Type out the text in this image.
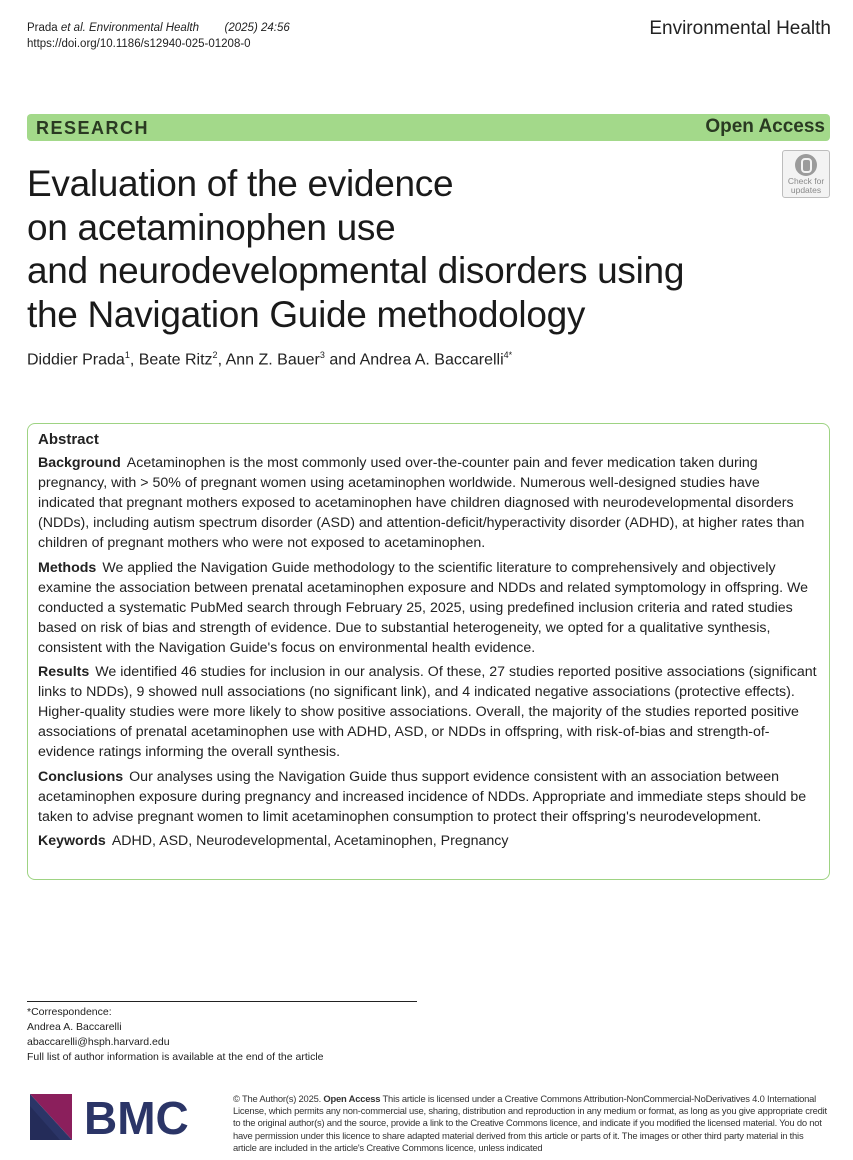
Prada et al. Environmental Health (2025) 24:56
https://doi.org/10.1186/s12940-025-01208-0
Environmental Health
RESEARCH	Open Access
Check for
updates
Evaluation of the evidence
on acetaminophen use
and neurodevelopmental disorders using
the Navigation Guide methodology
Diddier Prada$^1$, Beate Ritz$^2$, Ann Z. Bauer$^3$ and Andrea A. Baccarelli$^{4*}$
Abstract

Background Acetaminophen is the most commonly used over-the-counter pain and fever medication taken during pregnancy, with > 50% of pregnant women using acetaminophen worldwide. Numerous well-designed studies have indicated that pregnant mothers exposed to acetaminophen have children diagnosed with neurodevelopmental disorders (NDDs), including autism spectrum disorder (ASD) and attention-deficit/hyperactivity disorder (ADHD), at higher rates than children of pregnant mothers who were not exposed to acetaminophen.

Methods We applied the Navigation Guide methodology to the scientific literature to comprehensively and objectively examine the association between prenatal acetaminophen exposure and NDDs and related symptomology in offspring. We conducted a systematic PubMed search through February 25, 2025, using predefined inclusion criteria and rated studies based on risk of bias and strength of evidence. Due to substantial heterogeneity, we opted for a qualitative synthesis, consistent with the Navigation Guide's focus on environmental health evidence.

Results We identified 46 studies for inclusion in our analysis. Of these, 27 studies reported positive associations (significant links to NDDs), 9 showed null associations (no significant link), and 4 indicated negative associations (protective effects). Higher-quality studies were more likely to show positive associations. Overall, the majority of the studies reported positive associations of prenatal acetaminophen use with ADHD, ASD, or NDDs in offspring, with risk-of-bias and strength-of-evidence ratings informing the overall synthesis.

Conclusions Our analyses using the Navigation Guide thus support evidence consistent with an association between acetaminophen exposure during pregnancy and increased incidence of NDDs. Appropriate and immediate steps should be taken to advise pregnant women to limit acetaminophen consumption to protect their offspring's neurodevelopment.

Keywords ADHD, ASD, Neurodevelopmental, Acetaminophen, Pregnancy

*Correspondence:
Andrea A. Baccarelli
abaccarelli@hsph.harvard.edu
Full list of author information is available at the end of the article
BMC	© The Author(s) 2025. Open Access This article is licensed under a Creative Commons Attribution-NonCommercial-NoDerivatives 4.0 International License, which permits any non-commercial use, sharing, distribution and reproduction in any medium or format, as long as you give appropriate credit to the original author(s) and the source, provide a link to the Creative Commons licence, and indicate if you modified the licensed material. You do not have permission under this licence to share adapted material derived from this article or parts of it. The images or other third party material in this article are included in the article's Creative Commons licence, unless indicated
